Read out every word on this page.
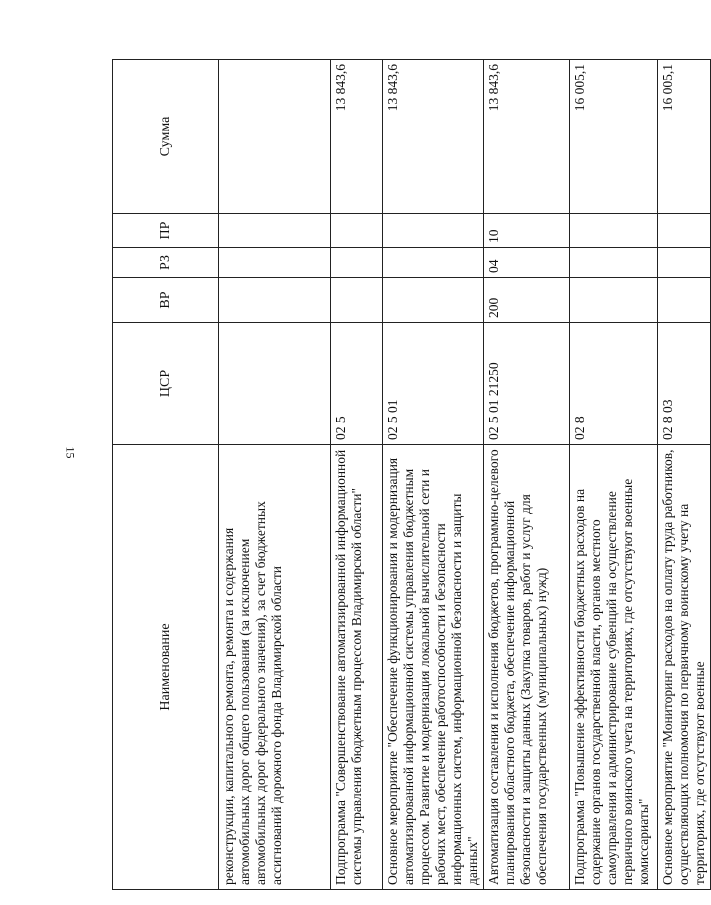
15
Наименование	ЦСР	ВР	РЗ	ПР	Сумма
реконструкции, капитального ремонта, ремонта и содержания автомобильных дорог общего пользования (за исключением автомобильных дорог федерального значения), за счет бюджетных ассигнований дорожного фонда Владимирской области					
Подпрограмма "Совершенствование автоматизированной информационной системы управления бюджетным процессом Владимирской области"	02 5				13 843,6
Основное мероприятие "Обеспечение функционирования и модернизация автоматизированной информационной системы управления бюджетным процессом. Развитие и модернизация локальной вычислительной сети и рабочих мест, обеспечение работоспособности и безопасности информационных систем, информационной безопасности и защиты данных"	02 5 01				13 843,6
Автоматизация составления и исполнения бюджетов, программно-целевого планирования областного бюджета, обеспечение информационной безопасности и защиты данных (Закупка товаров, работ и услуг для обеспечения государственных (муниципальных) нужд)	02 5 01 21250	200	04	10	13 843,6
Подпрограмма "Повышение эффективности бюджетных расходов на содержание органов государственной власти, органов местного самоуправления и администрирование субвенций на осуществление первичного воинского учета на территориях, где отсутствуют военные комиссариаты"	02 8				16 005,1
Основное мероприятие "Мониторинг расходов на оплату труда работников, осуществляющих полномочия по первичному воинскому учету на территориях, где отсутствуют военные	02 8 03				16 005,1
